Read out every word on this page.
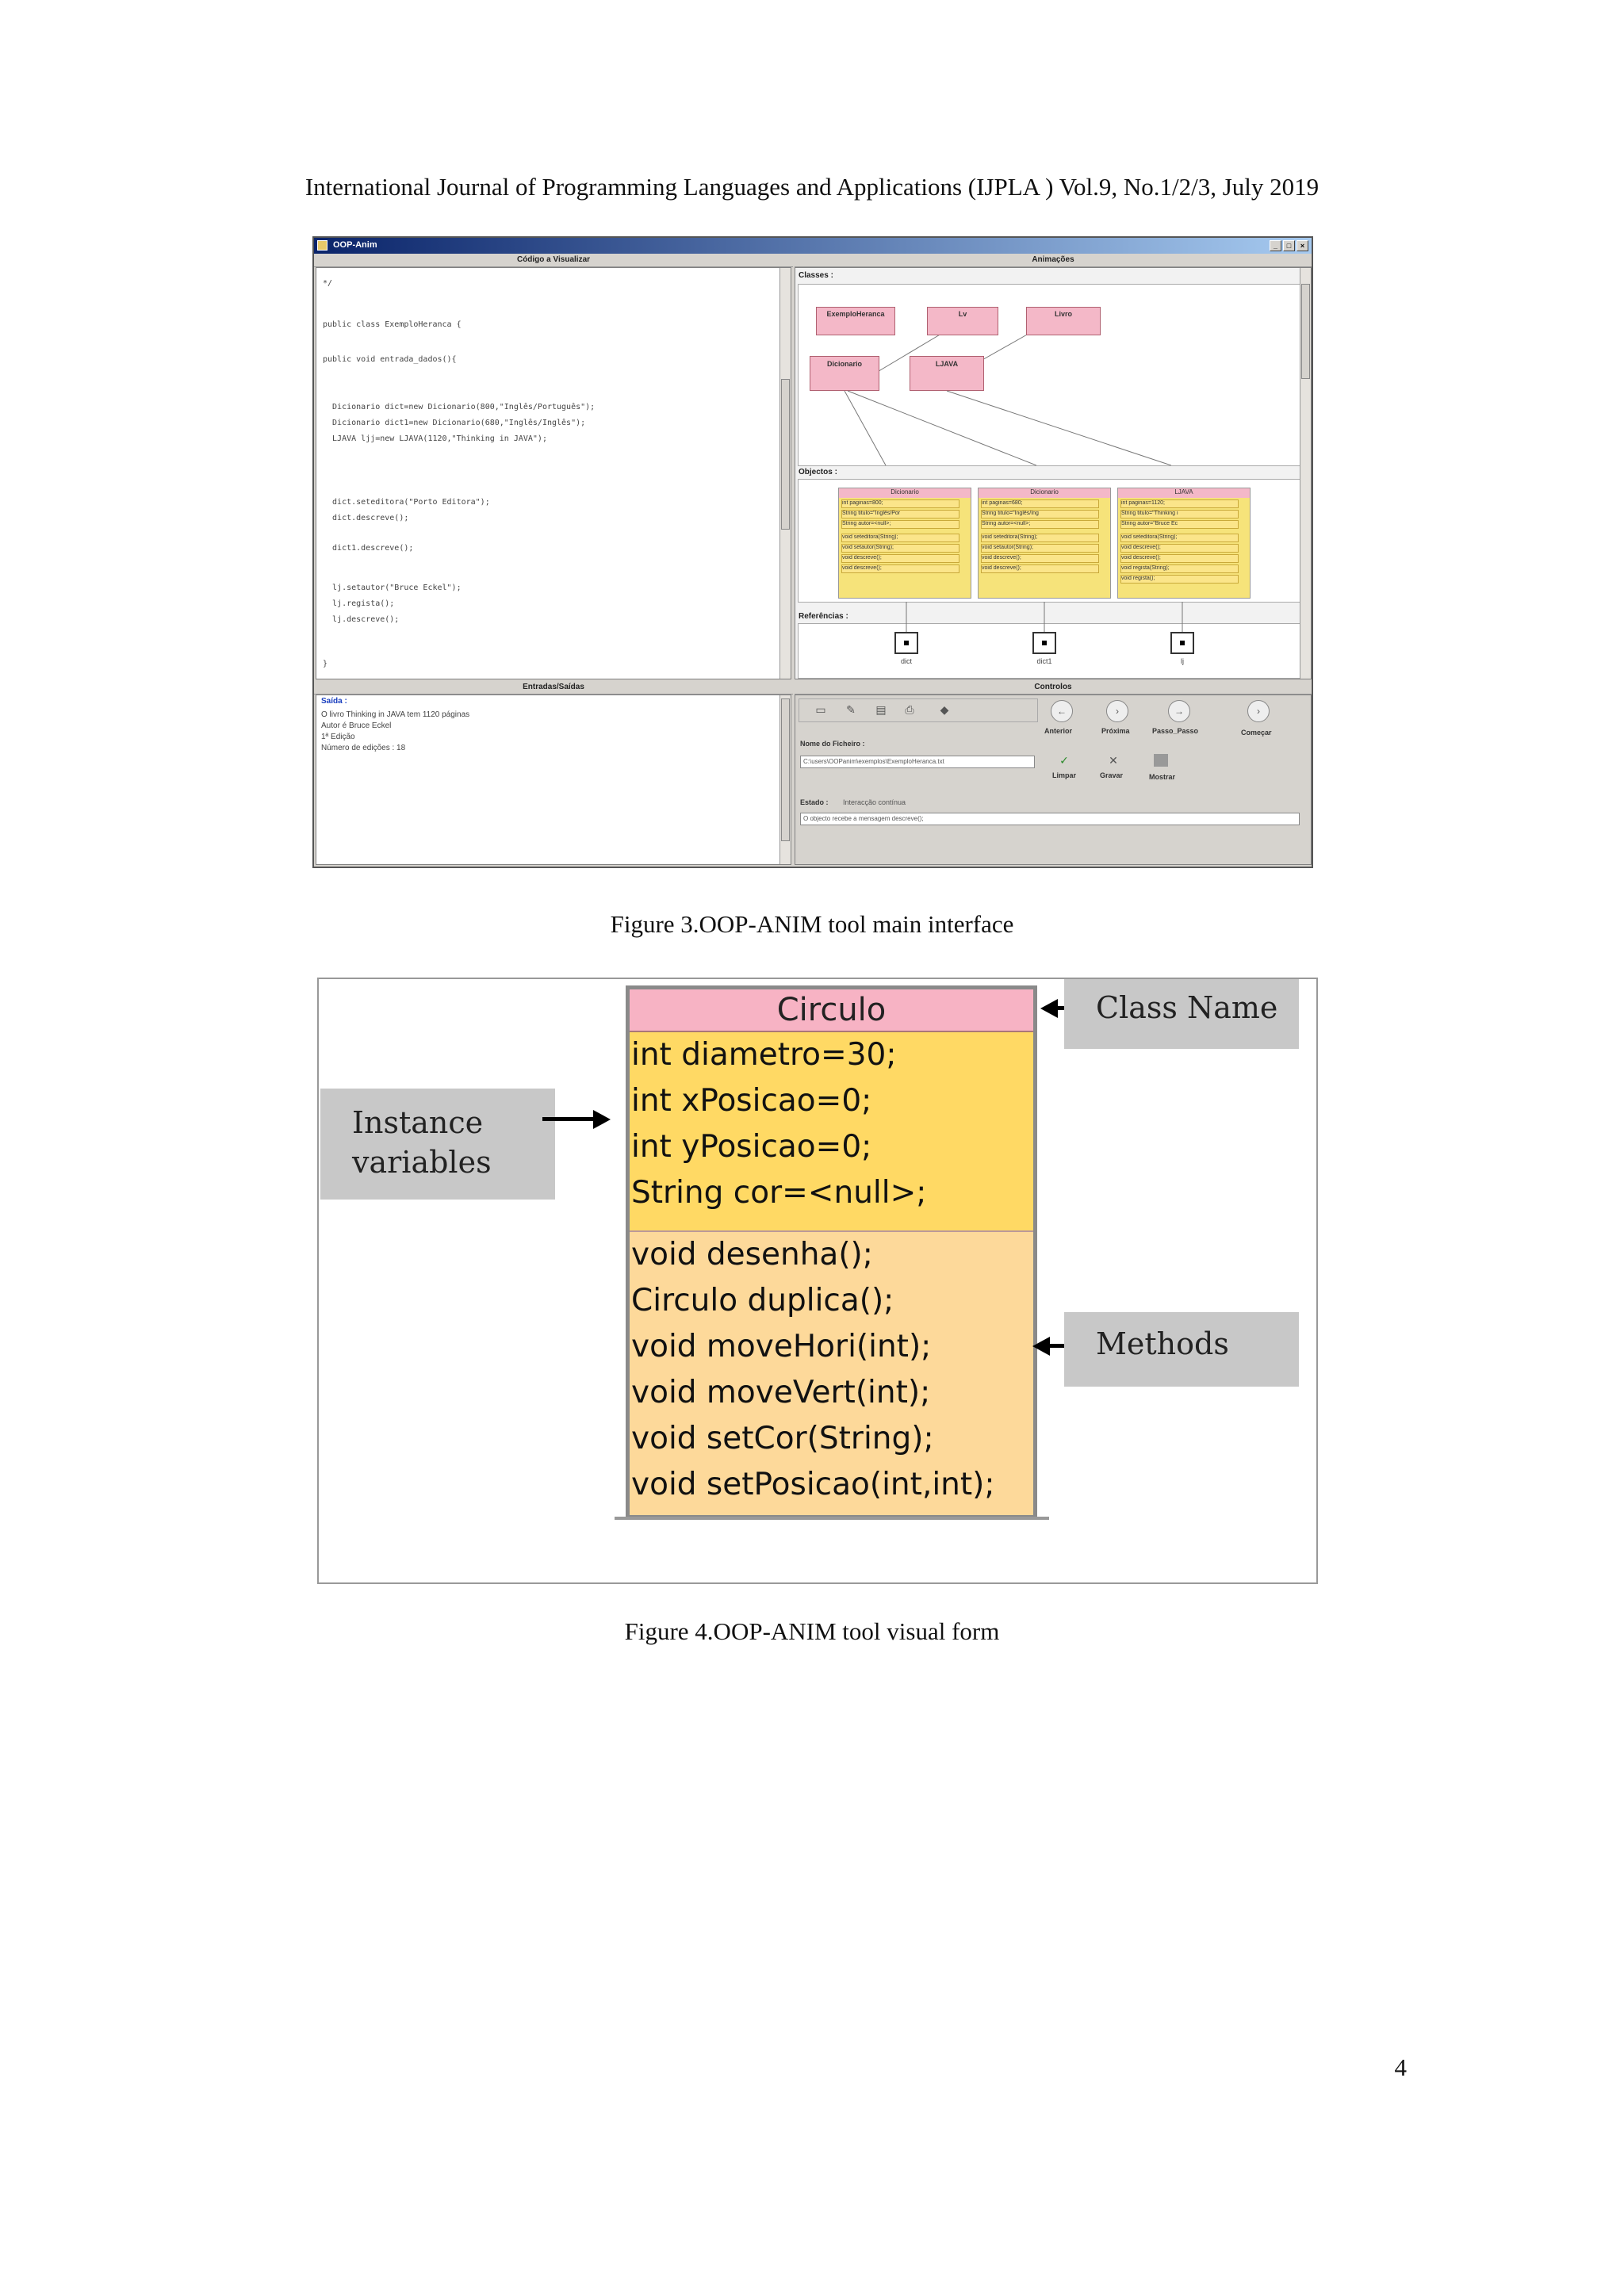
International Journal of Programming Languages and Applications (IJPLA ) Vol.9, No.1/2/3, July 2019
OOP-Anim	_	□	×
Código a Visualizar
*/
public class ExemploHeranca {
public void entrada_dados(){
Dicionario dict=new Dicionario(800,"Inglês/Português");
Dicionario dict1=new Dicionario(680,"Inglês/Inglês");
LJAVA ljj=new LJAVA(1120,"Thinking in JAVA");
dict.seteditora("Porto Editora");
dict.descreve();
dict1.descreve();
lj.setautor("Bruce Eckel");
lj.regista();
lj.descreve();
}
Animações
Classes :
ExemploHeranca	Lv	Livro
Dicionario	LJAVA
Objectos :
Dicionario
int paginas=800;
String titulo="Inglês/Por
String autor=<null>;
void seteditora(String);
void setautor(String);
void descreve();
void descreve();
Dicionario
int paginas=680;
String titulo="Inglês/Ing
String autor=<null>;
void seteditora(String);
void setautor(String);
void descreve();
void descreve();
LJAVA
int paginas=1120;
String titulo="Thinking i
String autor="Bruce Ec
void seteditora(String);
void descreve();
void descreve();
void regista(String);
void regista();
Referências :
dict	dict1	lj
Entradas/Saídas
Saída :
O livro Thinking in JAVA tem 1120 páginas
Autor é Bruce Eckel
1ª Edição
Número de edições : 18
Controlos
▭ ✎ ▤ ⎙ ◆
Nome do Ficheiro :
C:\users\OOPanim\exemplos\ExemploHeranca.txt
←
Anterior
›
Próxima
→
Passo_Passo
›
Começar
✓
Limpar
✕
Gravar	Mostrar
Estado : Interacção contínua
O objecto recebe a mensagem descreve();
Figure 3.OOP-ANIM tool main interface
Circulo
int diametro=30;
int xPosicao=0;
int yPosicao=0;
String cor=<null>;
void desenha();
Circulo duplica();
void moveHori(int);
void moveVert(int);
void setCor(String);
void setPosicao(int,int);
Class Name
Instance
variables
Methods
Figure 4.OOP-ANIM tool visual form
4
